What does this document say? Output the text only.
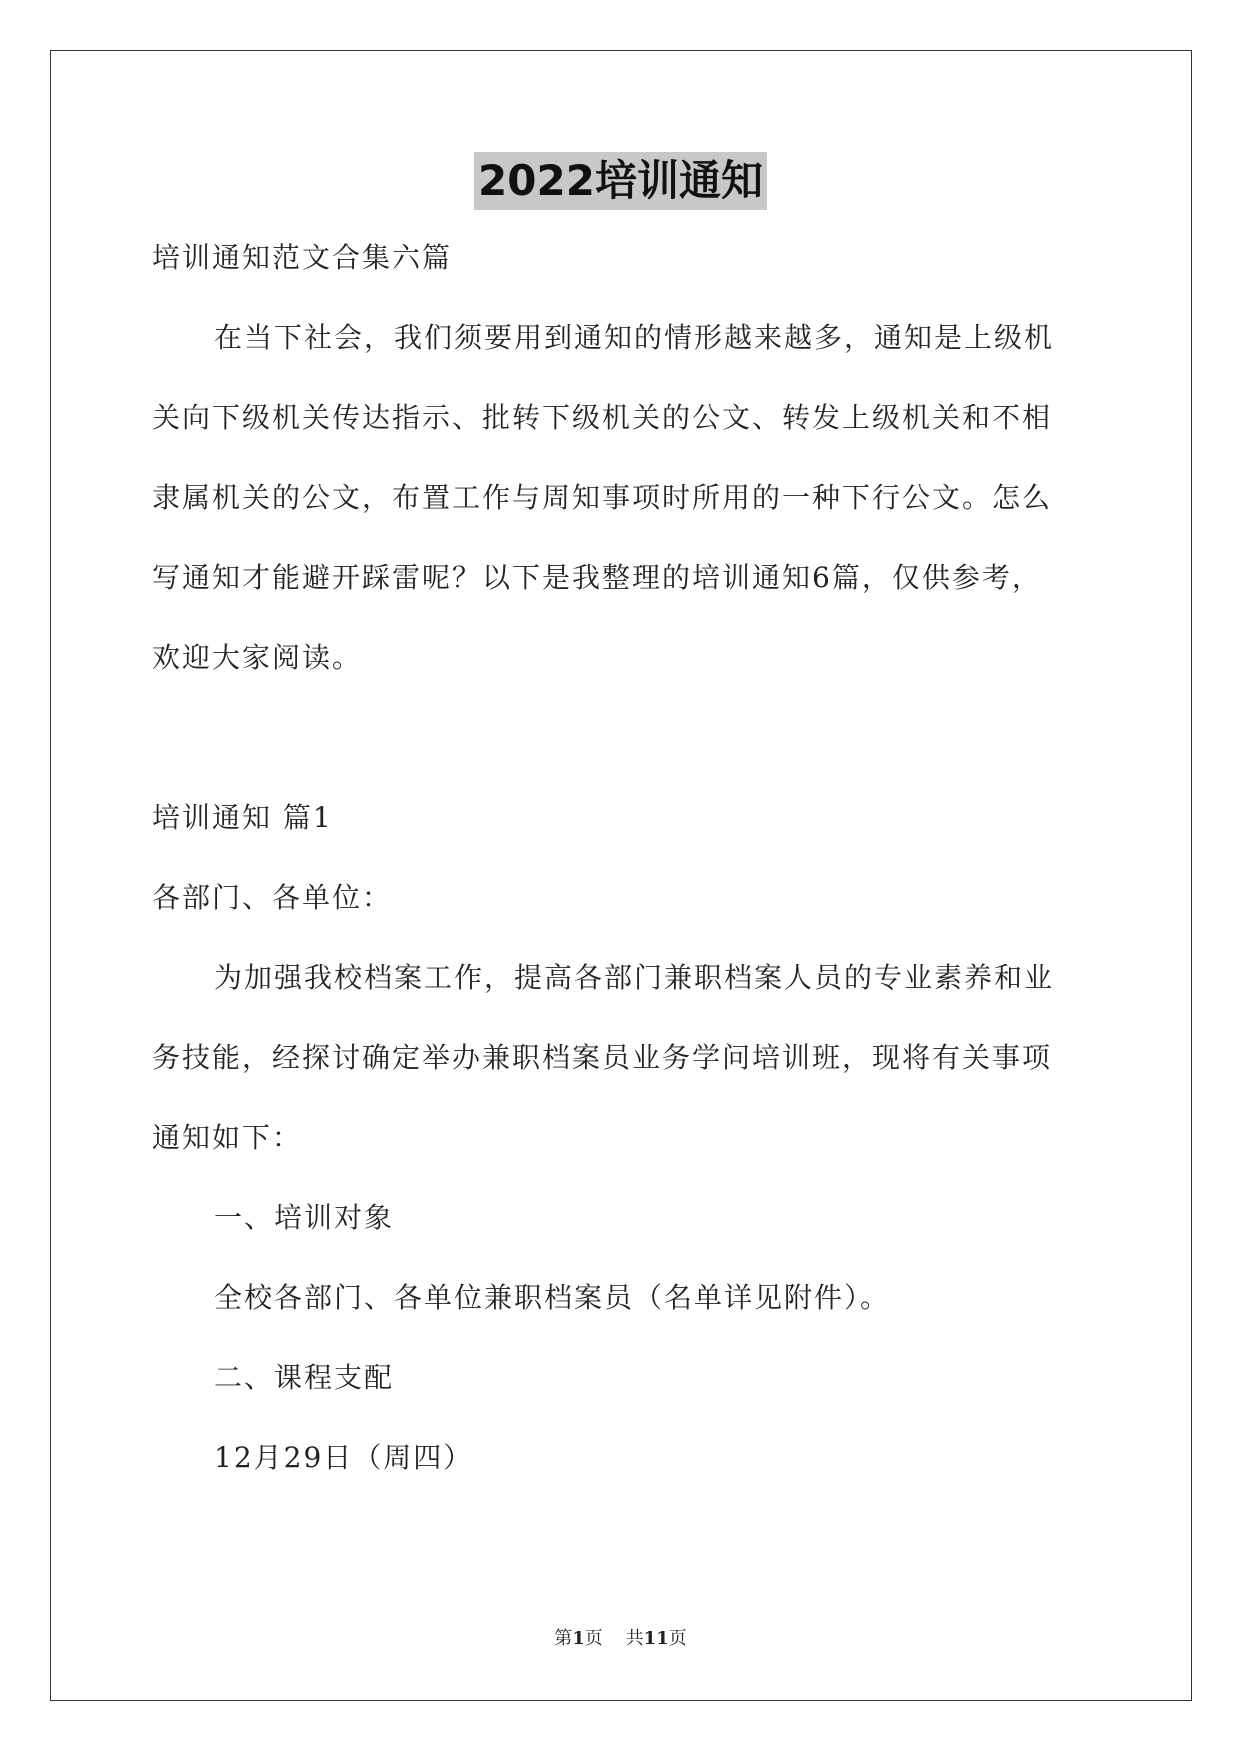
2022培训通知
培训通知范文合集六篇
在当下社会，我们须要用到通知的情形越来越多，通知是上级机
关向下级机关传达指示、批转下级机关的公文、转发上级机关和不相
隶属机关的公文，布置工作与周知事项时所用的一种下行公文。怎么
写通知才能避开踩雷呢？以下是我整理的培训通知6篇，仅供参考，
欢迎大家阅读。
培训通知 篇1
各部门、各单位：
为加强我校档案工作，提高各部门兼职档案人员的专业素养和业
务技能，经探讨确定举办兼职档案员业务学问培训班，现将有关事项
通知如下：
一、培训对象
全校各部门、各单位兼职档案员（名单详见附件）。
二、课程支配
12月29日（周四）
第1页 共11页
